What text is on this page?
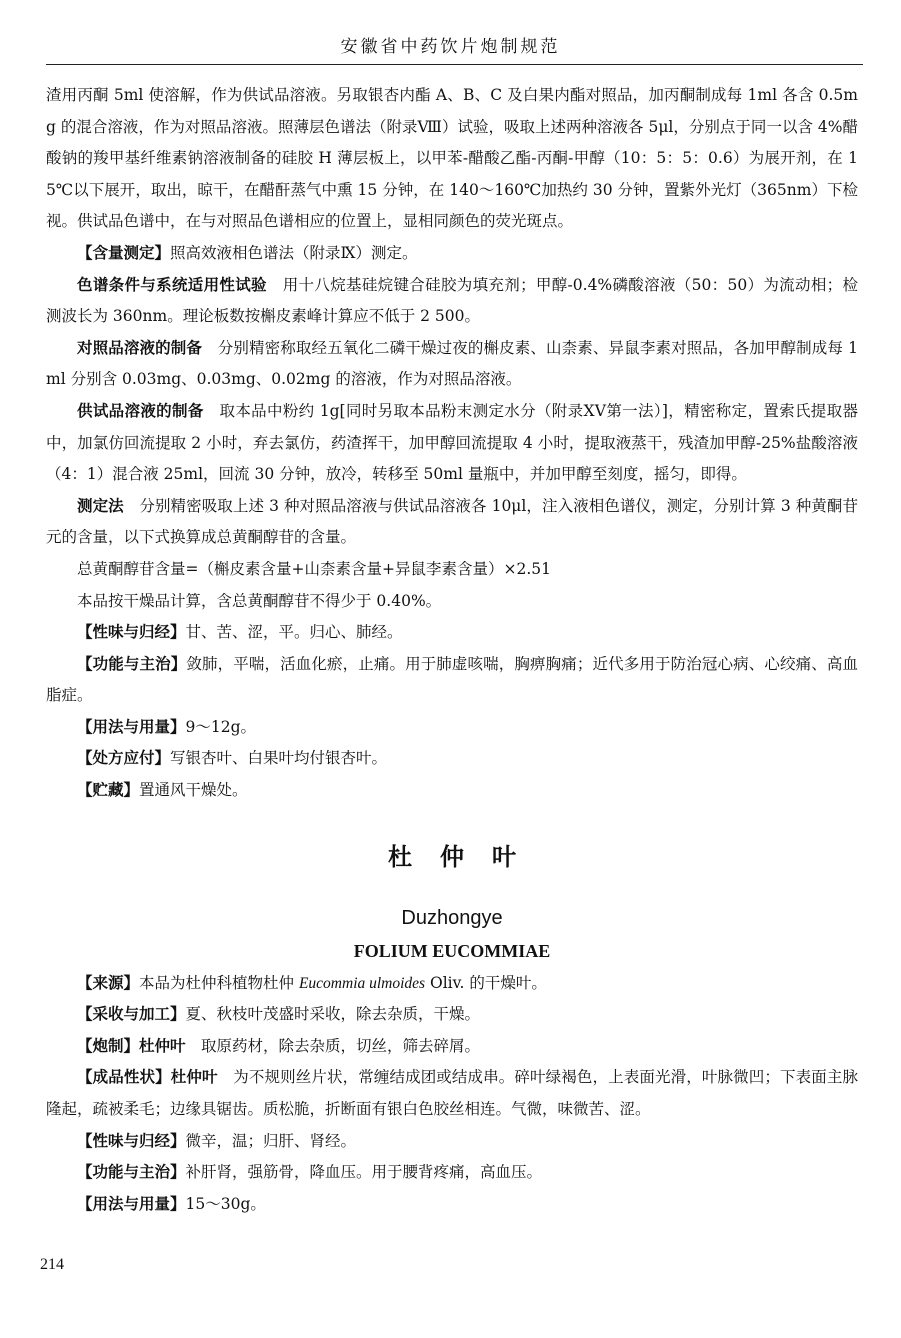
安徽省中药饮片炮制规范

渣用丙酮 5ml 使溶解，作为供试品溶液。另取银杏内酯 A、B、C 及白果内酯对照品，加丙酮制成每 1ml 各含 0.5mg 的混合溶液，作为对照品溶液。照薄层色谱法（附录Ⅷ）试验，吸取上述两种溶液各 5μl，分别点于同一以含 4%醋酸钠的羧甲基纤维素钠溶液制备的硅胶 H 薄层板上，以甲苯-醋酸乙酯-丙酮-甲醇（10：5：5：0.6）为展开剂，在 15℃以下展开，取出，晾干，在醋酐蒸气中熏 15 分钟，在 140～160℃加热约 30 分钟，置紫外光灯（365nm）下检视。供试品色谱中，在与对照品色谱相应的位置上，显相同颜色的荧光斑点。

【含量测定】照高效液相色谱法（附录Ⅸ）测定。

色谱条件与系统适用性试验　 用十八烷基硅烷键合硅胶为填充剂；甲醇-0.4%磷酸溶液（50：50）为流动相；检测波长为 360nm。理论板数按槲皮素峰计算应不低于 2 500。

对照品溶液的制备　 分别精密称取经五氧化二磷干燥过夜的槲皮素、山柰素、异鼠李素对照品，各加甲醇制成每 1ml 分别含 0.03mg、0.03mg、0.02mg 的溶液，作为对照品溶液。

供试品溶液的制备　 取本品中粉约 1g[同时另取本品粉末测定水分（附录ⅩⅤ第一法）]，精密称定，置索氏提取器中，加氯仿回流提取 2 小时，弃去氯仿，药渣挥干，加甲醇回流提取 4 小时，提取液蒸干，残渣加甲醇-25%盐酸溶液（4：1）混合液 25ml，回流 30 分钟，放冷，转移至 50ml 量瓶中，并加甲醇至刻度，摇匀，即得。

测定法　 分别精密吸取上述 3 种对照品溶液与供试品溶液各 10μl，注入液相色谱仪，测定，分别计算 3 种黄酮苷元的含量，以下式换算成总黄酮醇苷的含量。

总黄酮醇苷含量=（槲皮素含量+山柰素含量+异鼠李素含量）×2.51

本品按干燥品计算，含总黄酮醇苷不得少于 0.40%。

【性味与归经】甘、苦、涩，平。归心、肺经。

【功能与主治】敛肺，平喘，活血化瘀，止痛。用于肺虚咳喘，胸痹胸痛；近代多用于防治冠心病、心绞痛、高血脂症。

【用法与用量】9～12g。

【处方应付】写银杏叶、白果叶均付银杏叶。

【贮藏】置通风干燥处。

杜仲叶
Duzhongye
FOLIUM EUCOMMIAE

【来源】本品为杜仲科植物杜仲 Eucommia ulmoides Oliv. 的干燥叶。

【采收与加工】夏、秋枝叶茂盛时采收，除去杂质，干燥。

【炮制】杜仲叶　取原药材，除去杂质，切丝，筛去碎屑。

【成品性状】杜仲叶　为不规则丝片状，常缠结成团或结成串。碎叶绿褐色，上表面光滑，叶脉微凹；下表面主脉隆起，疏被柔毛；边缘具锯齿。质松脆，折断面有银白色胶丝相连。气微，味微苦、涩。

【性味与归经】微辛，温；归肝、肾经。

【功能与主治】补肝肾，强筋骨，降血压。用于腰背疼痛，高血压。

【用法与用量】15～30g。

214
